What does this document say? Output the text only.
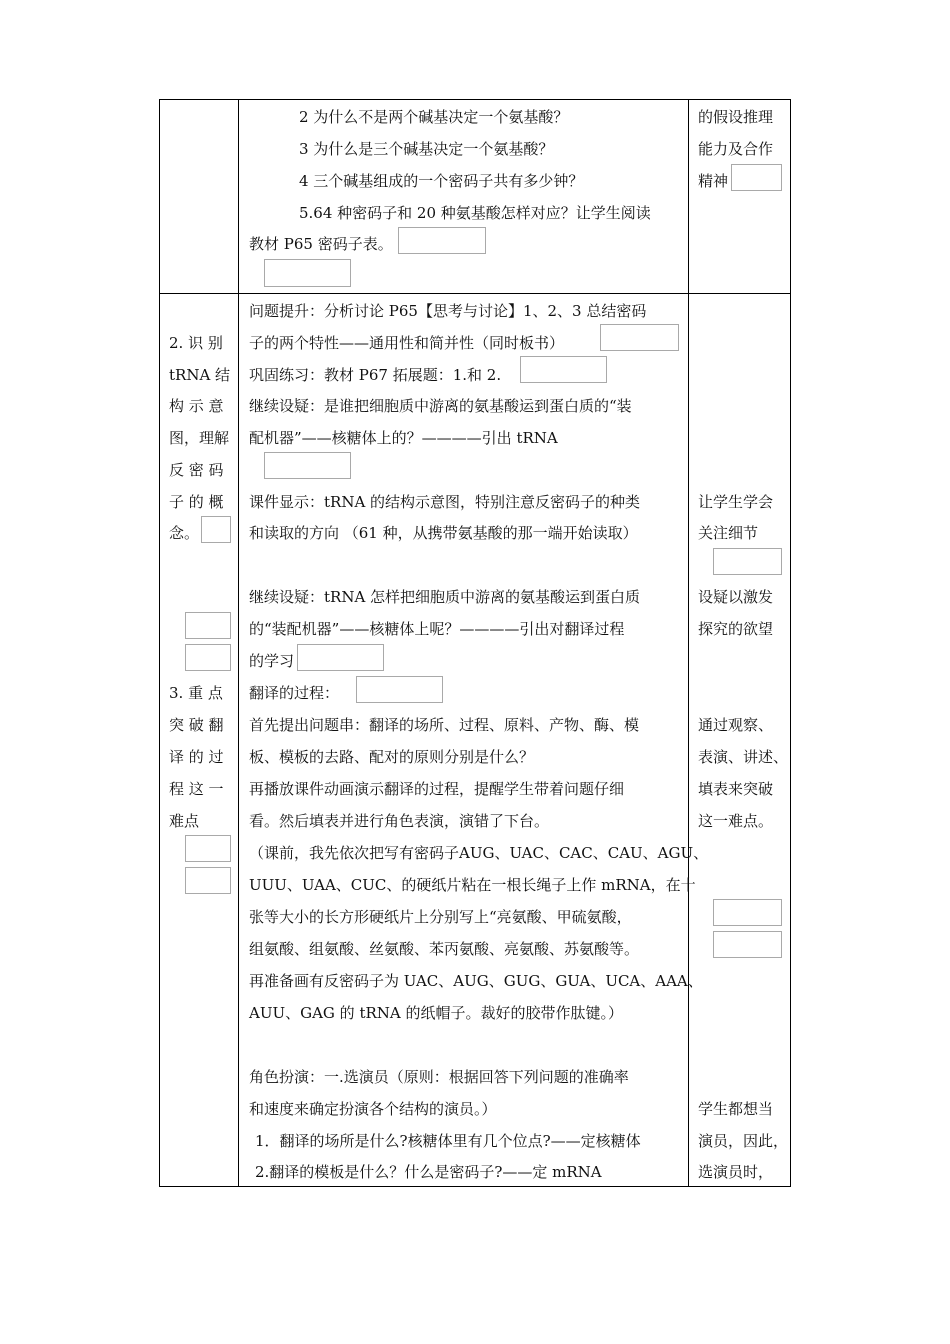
2 为什么不是两个碱基决定一个氨基酸？
3 为什么是三个碱基决定一个氨基酸？
4 三个碱基组成的一个密码子共有多少钟？
5.64 种密码子和 20 种氨基酸怎样对应？让学生阅读
教材 P65 密码子表。
的假设推理
能力及合作
精神
2. 识 别
tRNA 结
构 示 意
图，理解
反 密 码
子 的 概
念。
3. 重 点
突 破 翻
译 的 过
程 这 一
难点
问题提升：分析讨论 P65【思考与讨论】1、2、3 总结密码
子的两个特性——通用性和简并性（同时板书）
巩固练习：教材 P67 拓展题：1.和 2.
继续设疑：是谁把细胞质中游离的氨基酸运到蛋白质的“装
配机器”——核糖体上的？————引出 tRNA
课件显示：tRNA 的结构示意图，特别注意反密码子的种类
和读取的方向 （61 种，从携带氨基酸的那一端开始读取）
继续设疑：tRNA 怎样把细胞质中游离的氨基酸运到蛋白质
的“装配机器”——核糖体上呢？————引出对翻译过程
的学习
翻译的过程：
首先提出问题串：翻译的场所、过程、原料、产物、酶、模
板、模板的去路、配对的原则分别是什么？
再播放课件动画演示翻译的过程，提醒学生带着问题仔细
看。然后填表并进行角色表演，演错了下台。
（课前，我先依次把写有密码子AUG、UAC、CAC、CAU、AGU、
UUU、UAA、CUC、的硬纸片粘在一根长绳子上作 mRNA，在十
张等大小的长方形硬纸片上分别写上“亮氨酸、甲硫氨酸，
组氨酸、组氨酸、丝氨酸、苯丙氨酸、亮氨酸、苏氨酸等。
再准备画有反密码子为 UAC、AUG、GUG、GUA、UCA、AAA、
AUU、GAG 的 tRNA 的纸帽子。裁好的胶带作肽键。）
角色扮演：一.选演员（原则：根据回答下列问题的准确率
和速度来确定扮演各个结构的演员。）
1．翻译的场所是什么?核糖体里有几个位点?——定核糖体
2.翻译的模板是什么？什么是密码子?——定 mRNA
让学生学会
关注细节
设疑以激发
探究的欲望
通过观察、
表演、讲述、
填表来突破
这一难点。
学生都想当
演员，因此，
选演员时，
